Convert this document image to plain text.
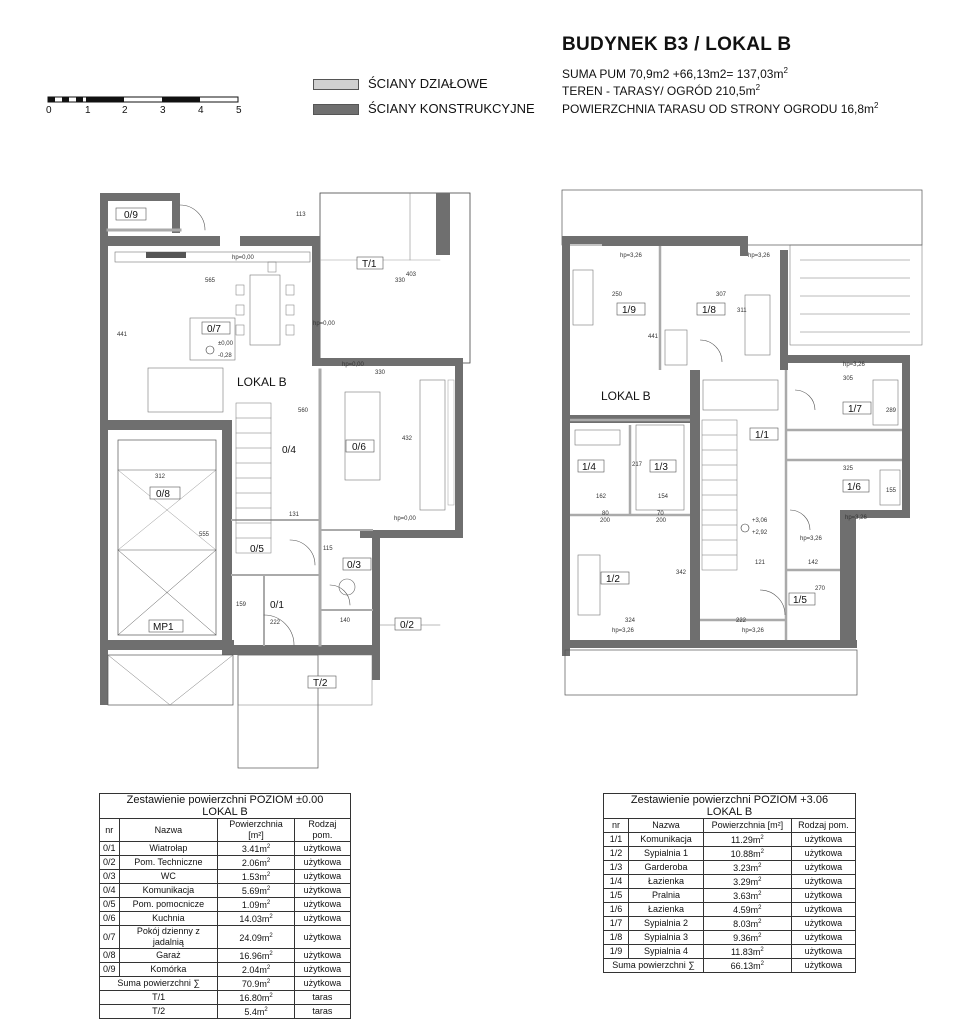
BUDYNEK B3 / LOKAL B
SUMA PUM $70,9m2 +66,13m2= 137,03m^2$
TEREN - TARASY/ OGRÓD $210,5m^2$
POWIERZCHNIA TARASU OD STRONY OGRODU $16,8m^2$
ŚCIANY DZIAŁOWE
ŚCIANY KONSTRUKCYJNE
0	1	2	3	4	5
0/9
0/7
0/6
0/4
0/8
0/5
0/3
0/1
0/2
T/1
T/2
MP1
LOKAL B
±0,00
-0,28
hp=0,00
hp=0,00
hp=0,00
hp=0,00
565
441
312
555
330
403
330
432
560
131
222
159
140
115
113
1/9	1/8
1/1
1/7
1/4	1/3
1/6
1/2
1/5
LOKAL B
+3,06
+2,92
hp=3,26	hp=3,26
hp=3,26
hp=3,26
hp=3,26	hp=3,26
hp=3,26
250
441
307
311
305
289
325
155
162	154
217
80
200
70
200
342
324
121	142
270
222
Zestawienie powierzchni POZIOM ±0.00			
LOKAL B			
nr	Nazwa	Powierzchnia [m²]	Rodzaj pom.
0/1	Wiatrołap	$3.41m^2$	użytkowa
0/2	Pom. Techniczne	$2.06m^2$	użytkowa
0/3	WC	$1.53m^2$	użytkowa
0/4	Komunikacja	$5.69m^2$	użytkowa
0/5	Pom. pomocnicze	$1.09m^2$	użytkowa
0/6	Kuchnia	$14.03m^2$	użytkowa
0/7	Pokój dzienny z jadalnią	$24.09m^2$	użytkowa
0/8	Garaż	$16.96m^2$	użytkowa
0/9	Komórka	$2.04m^2$	użytkowa
Suma powierzchni ∑		$70.9m^2$	użytkowa
T/1		$16.80m^2$	taras
T/2		$5.4m^2$	taras
Zestawienie powierzchni POZIOM +3.06			
LOKAL B			
nr	Nazwa	Powierzchnia [m²]	Rodzaj pom.
1/1	Komunikacja	$11.29m^2$	użytkowa
1/2	Sypialnia 1	$10.88m^2$	użytkowa
1/3	Garderoba	$3.23m^2$	użytkowa
1/4	Łazienka	$3.29m^2$	użytkowa
1/5	Pralnia	$3.63m^2$	użytkowa
1/6	Łazienka	$4.59m^2$	użytkowa
1/7	Sypialnia 2	$8.03m^2$	użytkowa
1/8	Sypialnia 3	$9.36m^2$	użytkowa
1/9	Sypialnia 4	$11.83m^2$	użytkowa
Suma powierzchni ∑		$66.13m^2$	użytkowa
